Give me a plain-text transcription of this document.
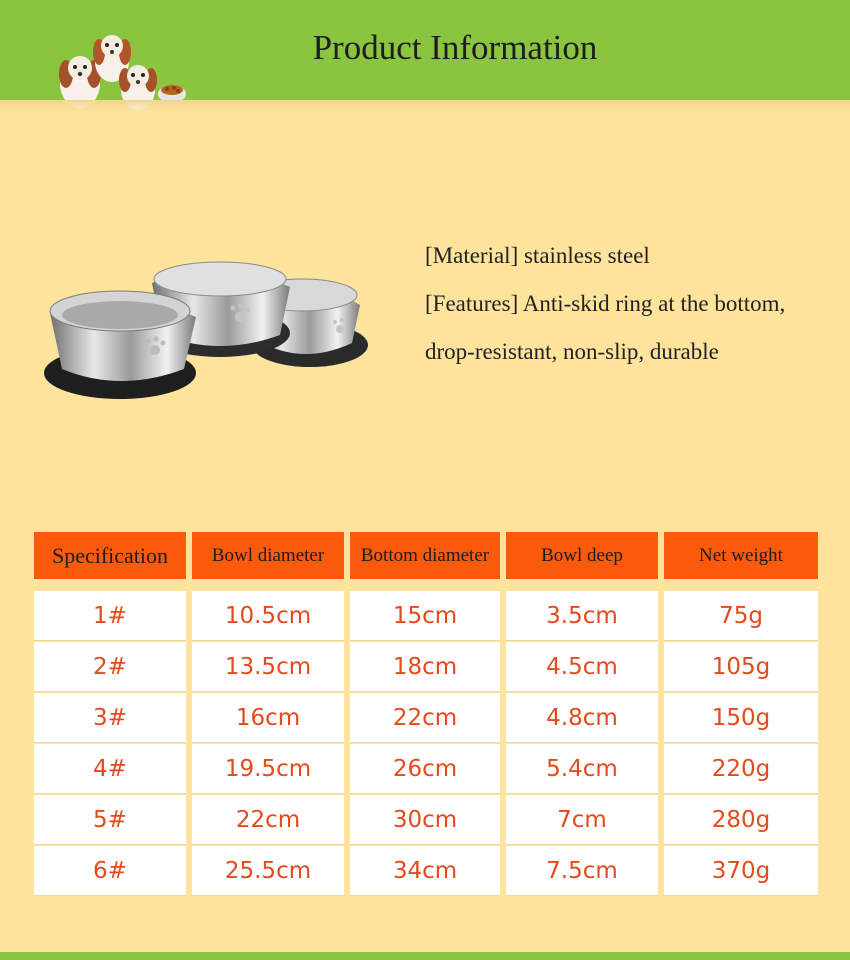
Product Information
[Material] stainless steel
[Features] Anti-skid ring at the bottom,
drop-resistant, non-slip, durable
Specification	Bowl diameter	Bottom diameter	Bowl deep	Net weight
1#	10.5cm	15cm	3.5cm	75g
2#	13.5cm	18cm	4.5cm	105g
3#	16cm	22cm	4.8cm	150g
4#	19.5cm	26cm	5.4cm	220g
5#	22cm	30cm	7cm	280g
6#	25.5cm	34cm	7.5cm	370g
